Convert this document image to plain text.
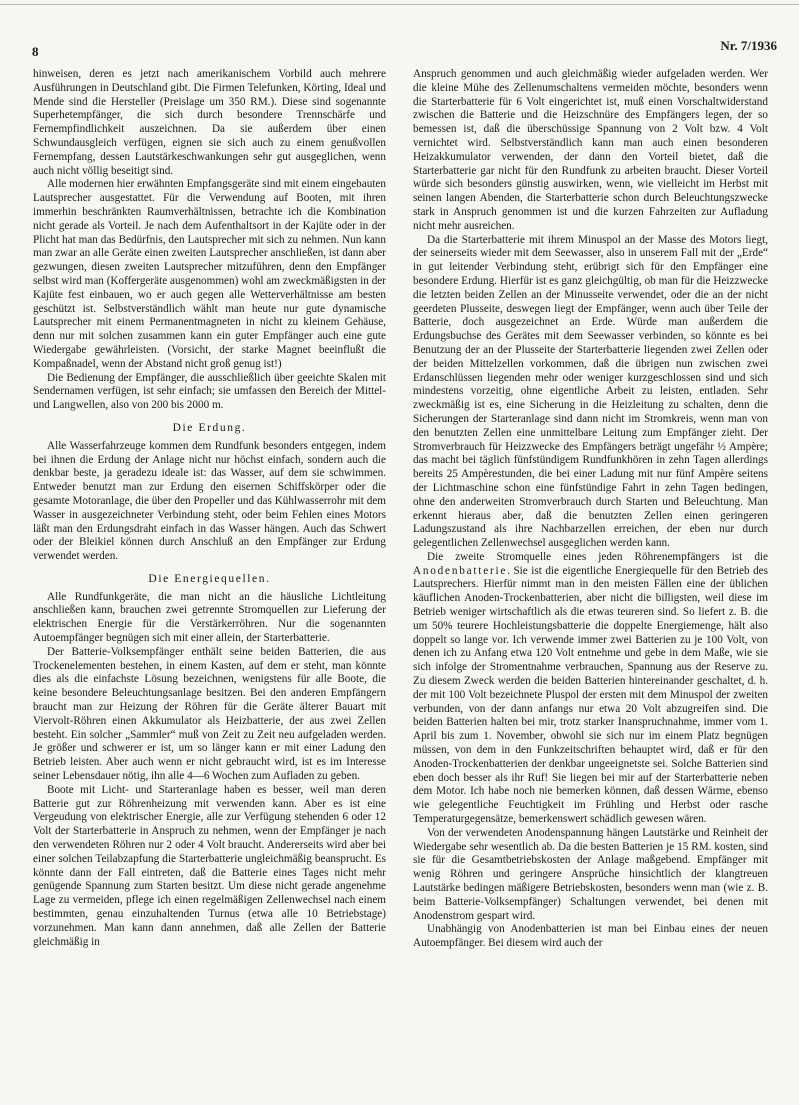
8	Nr. 7/1936

hinweisen, deren es jetzt nach amerikanischem Vorbild auch mehrere Ausführungen in Deutschland gibt. Die Firmen Telefunken, Körting, Ideal und Mende sind die Hersteller (Preislage um 350 RM.). Diese sind sogenannte Superhetempfänger, die sich durch besondere Trennschärfe und Fernempfindlichkeit auszeichnen. Da sie außerdem über einen Schwundausgleich verfügen, eignen sie sich auch zu einem genußvollen Fernempfang, dessen Lautstärkeschwankungen sehr gut ausgeglichen, wenn auch nicht völlig beseitigt sind.

Alle modernen hier erwähnten Empfangsgeräte sind mit einem eingebauten Lautsprecher ausgestattet. Für die Verwendung auf Booten, mit ihren immerhin beschränkten Raumverhältnissen, betrachte ich die Kombination nicht gerade als Vorteil. Je nach dem Aufenthaltsort in der Kajüte oder in der Plicht hat man das Bedürfnis, den Lautsprecher mit sich zu nehmen. Nun kann man zwar an alle Geräte einen zweiten Lautsprecher anschließen, ist dann aber gezwungen, diesen zweiten Lautsprecher mitzuführen, denn den Empfänger selbst wird man (Koffergeräte ausgenommen) wohl am zweckmäßigsten in der Kajüte fest einbauen, wo er auch gegen alle Wetterverhältnisse am besten geschützt ist. Selbstverständlich wählt man heute nur gute dynamische Lautsprecher mit einem Permanentmagneten in nicht zu kleinem Gehäuse, denn nur mit solchen zusammen kann ein guter Empfänger auch eine gute Wiedergabe gewährleisten. (Vorsicht, der starke Magnet beeinflußt die Kompaßnadel, wenn der Abstand nicht groß genug ist!)

Die Bedienung der Empfänger, die ausschließlich über geeichte Skalen mit Sendernamen verfügen, ist sehr einfach; sie umfassen den Bereich der Mittel- und Langwellen, also von 200 bis 2000 m.

Die Erdung.

Alle Wasserfahrzeuge kommen dem Rundfunk besonders entgegen, indem bei ihnen die Erdung der Anlage nicht nur höchst einfach, sondern auch die denkbar beste, ja geradezu ideale ist: das Wasser, auf dem sie schwimmen. Entweder benutzt man zur Erdung den eisernen Schiffskörper oder die gesamte Motoranlage, die über den Propeller und das Kühlwasserrohr mit dem Wasser in ausgezeichneter Verbindung steht, oder beim Fehlen eines Motors läßt man den Erdungsdraht einfach in das Wasser hängen. Auch das Schwert oder der Bleikiel können durch Anschluß an den Empfänger zur Erdung verwendet werden.

Die Energiequellen.

Alle Rundfunkgeräte, die man nicht an die häusliche Lichtleitung anschließen kann, brauchen zwei getrennte Stromquellen zur Lieferung der elektrischen Energie für die Verstärkerröhren. Nur die sogenannten Autoempfänger begnügen sich mit einer allein, der Starterbatterie.

Der Batterie-Volksempfänger enthält seine beiden Batterien, die aus Trockenelementen bestehen, in einem Kasten, auf dem er steht, man könnte dies als die einfachste Lösung bezeichnen, wenigstens für alle Boote, die keine besondere Beleuchtungsanlage besitzen. Bei den anderen Empfängern braucht man zur Heizung der Röhren für die Geräte älterer Bauart mit Viervolt-Röhren einen Akkumulator als Heizbatterie, der aus zwei Zellen besteht. Ein solcher „Sammler“ muß von Zeit zu Zeit neu aufgeladen werden. Je größer und schwerer er ist, um so länger kann er mit einer Ladung den Betrieb leisten. Aber auch wenn er nicht gebraucht wird, ist es im Interesse seiner Lebensdauer nötig, ihn alle 4—6 Wochen zum Aufladen zu geben.

Boote mit Licht- und Starteranlage haben es besser, weil man deren Batterie gut zur Röhrenheizung mit verwenden kann. Aber es ist eine Vergeudung von elektrischer Energie, alle zur Verfügung stehenden 6 oder 12 Volt der Starterbatterie in Anspruch zu nehmen, wenn der Empfänger je nach den verwendeten Röhren nur 2 oder 4 Volt braucht. Andererseits wird aber bei einer solchen Teilabzapfung die Starterbatterie ungleichmäßig beansprucht. Es könnte dann der Fall eintreten, daß die Batterie eines Tages nicht mehr genügende Spannung zum Starten besitzt. Um diese nicht gerade angenehme Lage zu vermeiden, pflege ich einen regelmäßigen Zellenwechsel nach einem bestimmten, genau einzuhaltenden Turnus (etwa alle 10 Betriebstage) vorzunehmen. Man kann dann annehmen, daß alle Zellen der Batterie gleichmäßig in

Anspruch genommen und auch gleichmäßig wieder aufgeladen werden. Wer die kleine Mühe des Zellenumschaltens vermeiden möchte, besonders wenn die Starterbatterie für 6 Volt eingerichtet ist, muß einen Vorschaltwiderstand zwischen die Batterie und die Heizschnüre des Empfängers legen, der so bemessen ist, daß die überschüssige Spannung von 2 Volt bzw. 4 Volt vernichtet wird. Selbstverständlich kann man auch einen besonderen Heizakkumulator verwenden, der dann den Vorteil bietet, daß die Starterbatterie gar nicht für den Rundfunk zu arbeiten braucht. Dieser Vorteil würde sich besonders günstig auswirken, wenn, wie vielleicht im Herbst mit seinen langen Abenden, die Starterbatterie schon durch Beleuchtungszwecke stark in Anspruch genommen ist und die kurzen Fahrzeiten zur Aufladung nicht mehr ausreichen.

Da die Starterbatterie mit ihrem Minuspol an der Masse des Motors liegt, der seinerseits wieder mit dem Seewasser, also in unserem Fall mit der „Erde“ in gut leitender Verbindung steht, erübrigt sich für den Empfänger eine besondere Erdung. Hierfür ist es ganz gleichgültig, ob man für die Heizzwecke die letzten beiden Zellen an der Minusseite verwendet, oder die an der nicht geerdeten Plusseite, deswegen liegt der Empfänger, wenn auch über Teile der Batterie, doch ausgezeichnet an Erde. Würde man außerdem die Erdungsbuchse des Gerätes mit dem Seewasser verbinden, so könnte es bei Benutzung der an der Plusseite der Starterbatterie liegenden zwei Zellen oder der beiden Mittelzellen vorkommen, daß die übrigen nun zwischen zwei Erdanschlüssen liegenden mehr oder weniger kurzgeschlossen sind und sich mindestens vorzeitig, ohne eigentliche Arbeit zu leisten, entladen. Sehr zweckmäßig ist es, eine Sicherung in die Heizleitung zu schalten, denn die Sicherungen der Starteranlage sind dann nicht im Stromkreis, wenn man von den benutzten Zellen eine unmittelbare Leitung zum Empfänger zieht. Der Stromverbrauch für Heizzwecke des Empfängers beträgt ungefähr ½ Ampère; das macht bei täglich fünfstündigem Rundfunkhören in zehn Tagen allerdings bereits 25 Ampèrestunden, die bei einer Ladung mit nur fünf Ampère seitens der Lichtmaschine schon eine fünfstündige Fahrt in zehn Tagen bedingen, ohne den anderweiten Stromverbrauch durch Starten und Beleuchtung. Man erkennt hieraus aber, daß die benutzten Zellen einen geringeren Ladungszustand als ihre Nachbarzellen erreichen, der eben nur durch gelegentlichen Zellenwechsel ausgeglichen werden kann.

Die zweite Stromquelle eines jeden Röhrenempfängers ist die Anodenbatterie. Sie ist die eigentliche Energiequelle für den Betrieb des Lautsprechers. Hierfür nimmt man in den meisten Fällen eine der üblichen käuflichen Anoden-Trockenbatterien, aber nicht die billigsten, weil diese im Betrieb weniger wirtschaftlich als die etwas teureren sind. So liefert z. B. die um 50% teurere Hochleistungsbatterie die doppelte Energiemenge, hält also doppelt so lange vor. Ich verwende immer zwei Batterien zu je 100 Volt, von denen ich zu Anfang etwa 120 Volt entnehme und gebe in dem Maße, wie sie sich infolge der Stromentnahme verbrauchen, Spannung aus der Reserve zu. Zu diesem Zweck werden die beiden Batterien hintereinander geschaltet, d. h. der mit 100 Volt bezeichnete Pluspol der ersten mit dem Minuspol der zweiten verbunden, von der dann anfangs nur etwa 20 Volt abzugreifen sind. Die beiden Batterien halten bei mir, trotz starker Inanspruchnahme, immer vom 1. April bis zum 1. November, obwohl sie sich nur im einem Platz begnügen müssen, von dem in den Funkzeitschriften behauptet wird, daß er für den Anoden-Trockenbatterien der denkbar ungeeignetste sei. Solche Batterien sind eben doch besser als ihr Ruf! Sie liegen bei mir auf der Starterbatterie neben dem Motor. Ich habe noch nie bemerken können, daß dessen Wärme, ebenso wie gelegentliche Feuchtigkeit im Frühling und Herbst oder rasche Temperaturgegensätze, bemerkenswert schädlich gewesen wären.

Von der verwendeten Anodenspannung hängen Lautstärke und Reinheit der Wiedergabe sehr wesentlich ab. Da die besten Batterien je 15 RM. kosten, sind sie für die Gesamtbetriebskosten der Anlage maßgebend. Empfänger mit wenig Röhren und geringere Ansprüche hinsichtlich der klangtreuen Lautstärke bedingen mäßigere Betriebskosten, besonders wenn man (wie z. B. beim Batterie-Volksempfänger) Schaltungen verwendet, bei denen mit Anodenstrom gespart wird.

Unabhängig von Anodenbatterien ist man bei Einbau eines der neuen Autoempfänger. Bei diesem wird auch der
